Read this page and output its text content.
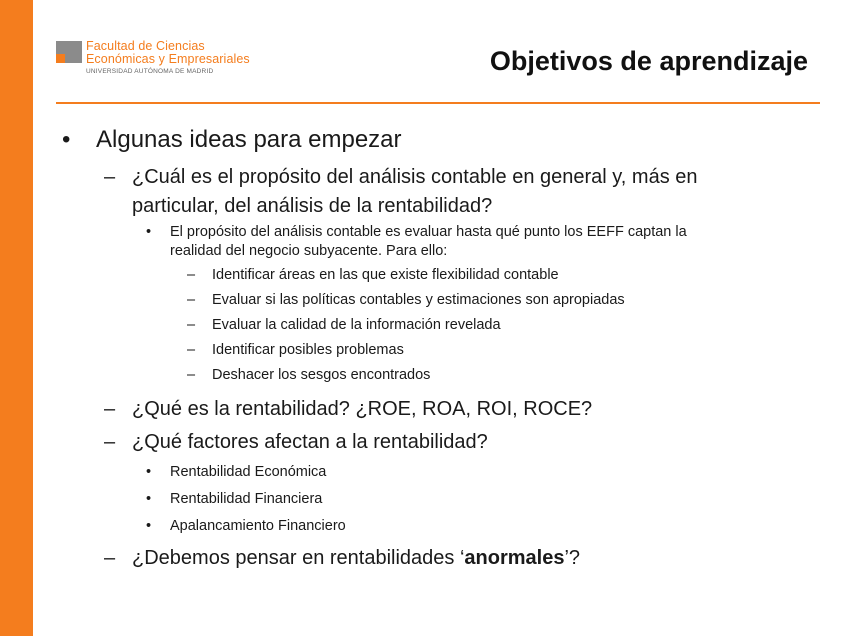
Facultad de Ciencias
Económicas y Empresariales
UNIVERSIDAD AUTÓNOMA DE MADRID	Objetivos de aprendizaje
• Algunas ideas para empezar
– ¿Cuál es el propósito del análisis contable en general y, más en
particular, del análisis de la rentabilidad?
• El propósito del análisis contable es evaluar hasta qué punto los EEFF captan la
realidad del negocio subyacente. Para ello:
– Identificar áreas en las que existe flexibilidad contable
– Evaluar si las políticas contables y estimaciones son apropiadas
– Evaluar la calidad de la información revelada
– Identificar posibles problemas
– Deshacer los sesgos encontrados
– ¿Qué es la rentabilidad? ¿ROE, ROA, ROI, ROCE?
– ¿Qué factores afectan a la rentabilidad?
• Rentabilidad Económica
• Rentabilidad Financiera
• Apalancamiento Financiero
– ¿Debemos pensar en rentabilidades ‘anormales’?
